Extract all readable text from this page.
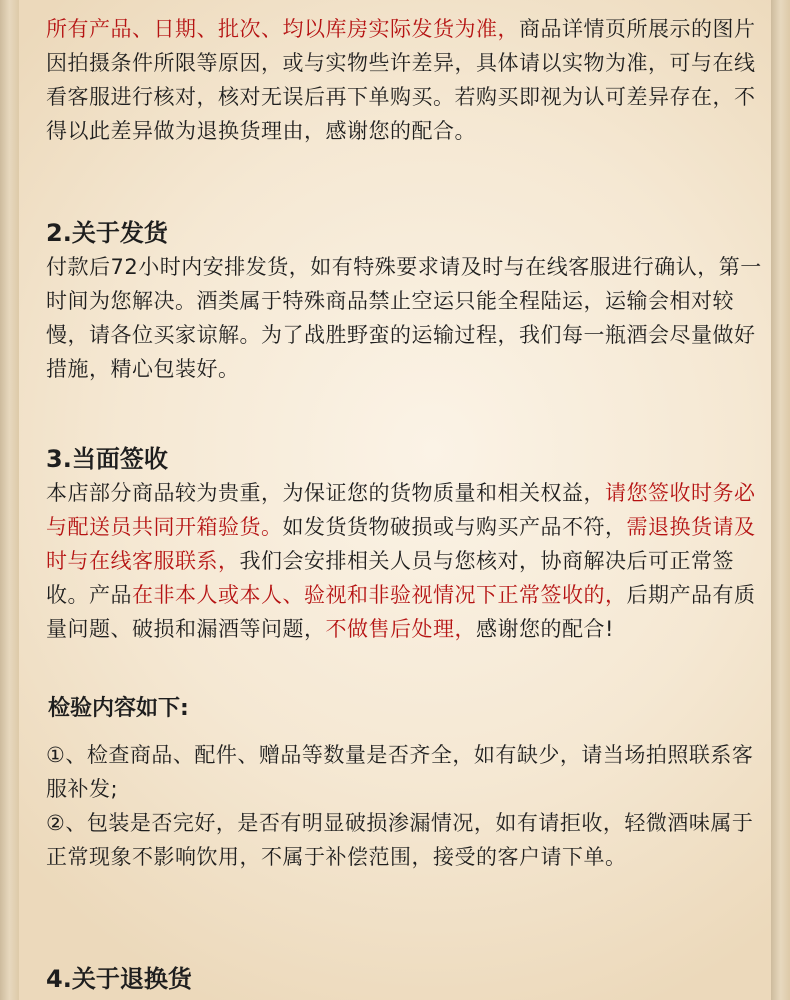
所有产品、日期、批次、均以库房实际发货为准，商品详情页所展示的图片因拍摄条件所限等原因，或与实物些许差异，具体请以实物为准，可与在线看客服进行核对，核对无误后再下单购买。若购买即视为认可差异存在，不得以此差异做为退换货理由，感谢您的配合。

2.关于发货

付款后72小时内安排发货，如有特殊要求请及时与在线客服进行确认，第一时间为您解决。酒类属于特殊商品禁止空运只能全程陆运，运输会相对较慢，请各位买家谅解。为了战胜野蛮的运输过程，我们每一瓶酒会尽量做好措施，精心包装好。

3.当面签收

本店部分商品较为贵重，为保证您的货物质量和相关权益，请您签收时务必与配送员共同开箱验货。如发货货物破损或与购买产品不符，需退换货请及时与在线客服联系，我们会安排相关人员与您核对，协商解决后可正常签收。产品在非本人或本人、验视和非验视情况下正常签收的，后期产品有质量问题、破损和漏酒等问题，不做售后处理，感谢您的配合!

检验内容如下:

①、检查商品、配件、赠品等数量是否齐全，如有缺少，请当场拍照联系客服补发;

②、包装是否完好，是否有明显破损渗漏情况，如有请拒收，轻微酒味属于正常现象不影响饮用，不属于补偿范围，接受的客户请下单。

4.关于退换货
